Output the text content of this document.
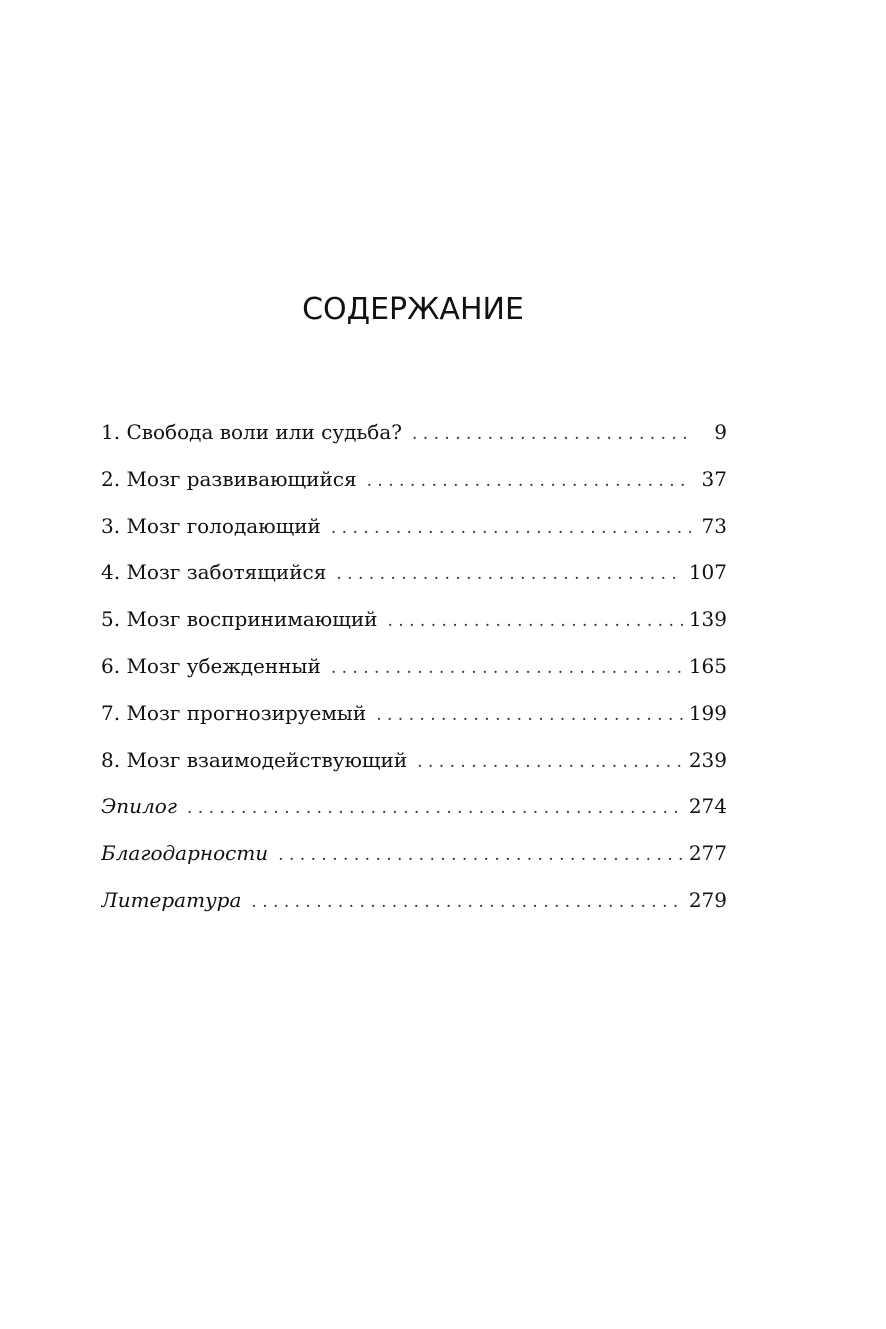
СОДЕРЖАНИЕ
1. Свобода воли или судьба? . . .	9
2. Мозг развивающийся . . .	37
3. Мозг голодающий . . .	73
4. Мозг заботящийся . . .	107
5. Мозг воспринимающий . . .	139
6. Мозг убежденный . . .	165
7. Мозг прогнозируемый . . .	199
8. Мозг взаимодействующий . . .	239
Эпилог . . .	274
Благодарности . . .	277
Литература . . .	279
